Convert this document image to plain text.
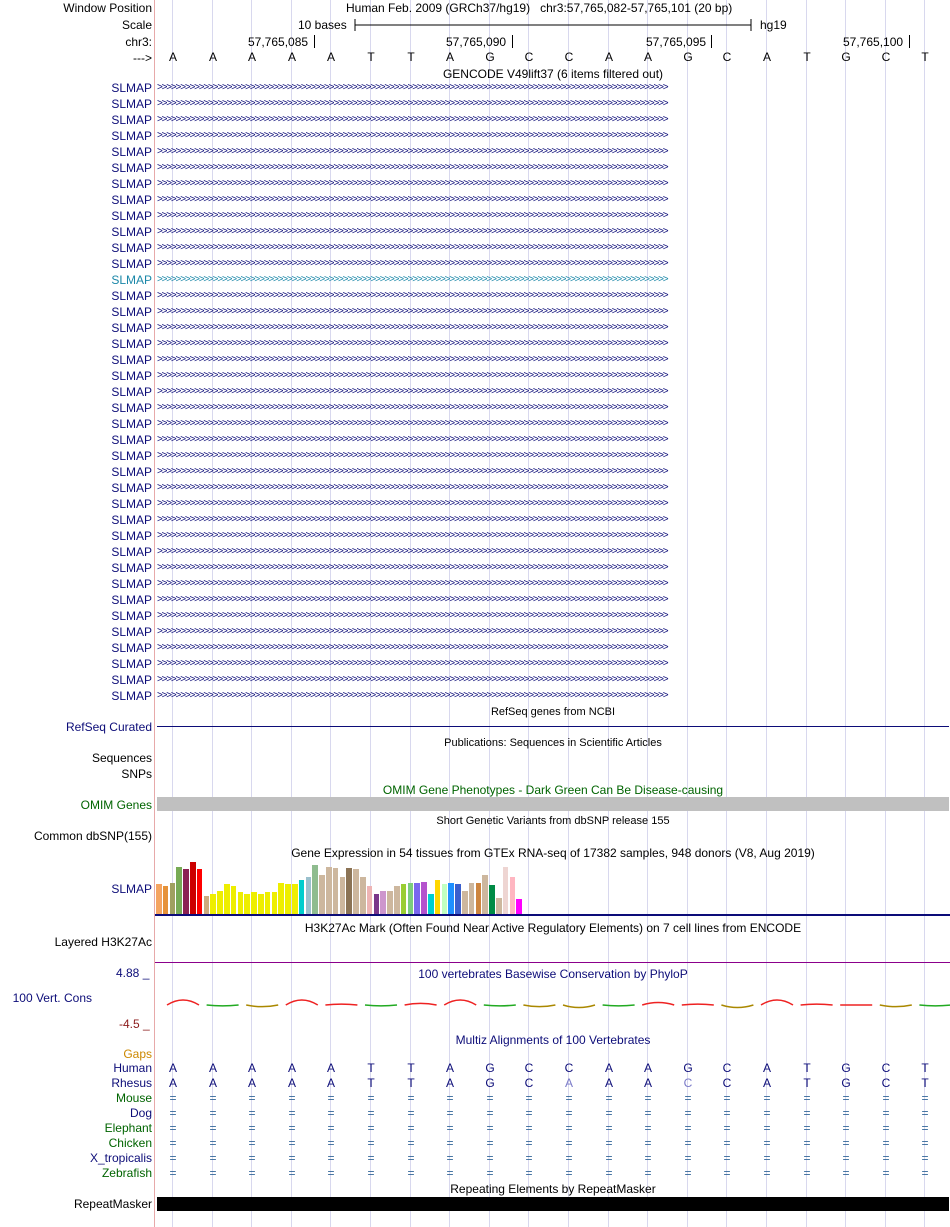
Window Position	Human Feb. 2009 (GRCh37/hg19) chr3:57,765,082-57,765,101 (20 bp)
Scale	10 bases	hg19
chr3:	57,765,085	57,765,090	57,765,095	57,765,100
--->	A	A	A	A	A	T	T	A	G	C	C	A	A	G	C	A	T	G	C	T
GENCODE V49lift37 (6 items filtered out)
SLMAP >>>>>>>>>>>>>>>>>>>>>>>>>>>>>>>>>>>>>>>>>>>>>>>>>>>>>>>>>>>>>>>>>>>>>>>>>>>>>>>>>>>>>>>>>>>>>>>>>>>>>>>>>>>>>>
SLMAP >>>>>>>>>>>>>>>>>>>>>>>>>>>>>>>>>>>>>>>>>>>>>>>>>>>>>>>>>>>>>>>>>>>>>>>>>>>>>>>>>>>>>>>>>>>>>>>>>>>>>>>>>>>>>>
SLMAP >>>>>>>>>>>>>>>>>>>>>>>>>>>>>>>>>>>>>>>>>>>>>>>>>>>>>>>>>>>>>>>>>>>>>>>>>>>>>>>>>>>>>>>>>>>>>>>>>>>>>>>>>>>>>>
SLMAP >>>>>>>>>>>>>>>>>>>>>>>>>>>>>>>>>>>>>>>>>>>>>>>>>>>>>>>>>>>>>>>>>>>>>>>>>>>>>>>>>>>>>>>>>>>>>>>>>>>>>>>>>>>>>>
SLMAP >>>>>>>>>>>>>>>>>>>>>>>>>>>>>>>>>>>>>>>>>>>>>>>>>>>>>>>>>>>>>>>>>>>>>>>>>>>>>>>>>>>>>>>>>>>>>>>>>>>>>>>>>>>>>>
SLMAP >>>>>>>>>>>>>>>>>>>>>>>>>>>>>>>>>>>>>>>>>>>>>>>>>>>>>>>>>>>>>>>>>>>>>>>>>>>>>>>>>>>>>>>>>>>>>>>>>>>>>>>>>>>>>>
SLMAP >>>>>>>>>>>>>>>>>>>>>>>>>>>>>>>>>>>>>>>>>>>>>>>>>>>>>>>>>>>>>>>>>>>>>>>>>>>>>>>>>>>>>>>>>>>>>>>>>>>>>>>>>>>>>>
SLMAP >>>>>>>>>>>>>>>>>>>>>>>>>>>>>>>>>>>>>>>>>>>>>>>>>>>>>>>>>>>>>>>>>>>>>>>>>>>>>>>>>>>>>>>>>>>>>>>>>>>>>>>>>>>>>>
SLMAP >>>>>>>>>>>>>>>>>>>>>>>>>>>>>>>>>>>>>>>>>>>>>>>>>>>>>>>>>>>>>>>>>>>>>>>>>>>>>>>>>>>>>>>>>>>>>>>>>>>>>>>>>>>>>>
SLMAP >>>>>>>>>>>>>>>>>>>>>>>>>>>>>>>>>>>>>>>>>>>>>>>>>>>>>>>>>>>>>>>>>>>>>>>>>>>>>>>>>>>>>>>>>>>>>>>>>>>>>>>>>>>>>>
SLMAP >>>>>>>>>>>>>>>>>>>>>>>>>>>>>>>>>>>>>>>>>>>>>>>>>>>>>>>>>>>>>>>>>>>>>>>>>>>>>>>>>>>>>>>>>>>>>>>>>>>>>>>>>>>>>>
SLMAP >>>>>>>>>>>>>>>>>>>>>>>>>>>>>>>>>>>>>>>>>>>>>>>>>>>>>>>>>>>>>>>>>>>>>>>>>>>>>>>>>>>>>>>>>>>>>>>>>>>>>>>>>>>>>>
SLMAP >>>>>>>>>>>>>>>>>>>>>>>>>>>>>>>>>>>>>>>>>>>>>>>>>>>>>>>>>>>>>>>>>>>>>>>>>>>>>>>>>>>>>>>>>>>>>>>>>>>>>>>>>>>>>>
SLMAP >>>>>>>>>>>>>>>>>>>>>>>>>>>>>>>>>>>>>>>>>>>>>>>>>>>>>>>>>>>>>>>>>>>>>>>>>>>>>>>>>>>>>>>>>>>>>>>>>>>>>>>>>>>>>>
SLMAP >>>>>>>>>>>>>>>>>>>>>>>>>>>>>>>>>>>>>>>>>>>>>>>>>>>>>>>>>>>>>>>>>>>>>>>>>>>>>>>>>>>>>>>>>>>>>>>>>>>>>>>>>>>>>>
SLMAP >>>>>>>>>>>>>>>>>>>>>>>>>>>>>>>>>>>>>>>>>>>>>>>>>>>>>>>>>>>>>>>>>>>>>>>>>>>>>>>>>>>>>>>>>>>>>>>>>>>>>>>>>>>>>>
SLMAP >>>>>>>>>>>>>>>>>>>>>>>>>>>>>>>>>>>>>>>>>>>>>>>>>>>>>>>>>>>>>>>>>>>>>>>>>>>>>>>>>>>>>>>>>>>>>>>>>>>>>>>>>>>>>>
SLMAP >>>>>>>>>>>>>>>>>>>>>>>>>>>>>>>>>>>>>>>>>>>>>>>>>>>>>>>>>>>>>>>>>>>>>>>>>>>>>>>>>>>>>>>>>>>>>>>>>>>>>>>>>>>>>>
SLMAP >>>>>>>>>>>>>>>>>>>>>>>>>>>>>>>>>>>>>>>>>>>>>>>>>>>>>>>>>>>>>>>>>>>>>>>>>>>>>>>>>>>>>>>>>>>>>>>>>>>>>>>>>>>>>>
SLMAP >>>>>>>>>>>>>>>>>>>>>>>>>>>>>>>>>>>>>>>>>>>>>>>>>>>>>>>>>>>>>>>>>>>>>>>>>>>>>>>>>>>>>>>>>>>>>>>>>>>>>>>>>>>>>>
SLMAP >>>>>>>>>>>>>>>>>>>>>>>>>>>>>>>>>>>>>>>>>>>>>>>>>>>>>>>>>>>>>>>>>>>>>>>>>>>>>>>>>>>>>>>>>>>>>>>>>>>>>>>>>>>>>>
SLMAP >>>>>>>>>>>>>>>>>>>>>>>>>>>>>>>>>>>>>>>>>>>>>>>>>>>>>>>>>>>>>>>>>>>>>>>>>>>>>>>>>>>>>>>>>>>>>>>>>>>>>>>>>>>>>>
SLMAP >>>>>>>>>>>>>>>>>>>>>>>>>>>>>>>>>>>>>>>>>>>>>>>>>>>>>>>>>>>>>>>>>>>>>>>>>>>>>>>>>>>>>>>>>>>>>>>>>>>>>>>>>>>>>>
SLMAP >>>>>>>>>>>>>>>>>>>>>>>>>>>>>>>>>>>>>>>>>>>>>>>>>>>>>>>>>>>>>>>>>>>>>>>>>>>>>>>>>>>>>>>>>>>>>>>>>>>>>>>>>>>>>>
SLMAP >>>>>>>>>>>>>>>>>>>>>>>>>>>>>>>>>>>>>>>>>>>>>>>>>>>>>>>>>>>>>>>>>>>>>>>>>>>>>>>>>>>>>>>>>>>>>>>>>>>>>>>>>>>>>>
SLMAP >>>>>>>>>>>>>>>>>>>>>>>>>>>>>>>>>>>>>>>>>>>>>>>>>>>>>>>>>>>>>>>>>>>>>>>>>>>>>>>>>>>>>>>>>>>>>>>>>>>>>>>>>>>>>>
SLMAP >>>>>>>>>>>>>>>>>>>>>>>>>>>>>>>>>>>>>>>>>>>>>>>>>>>>>>>>>>>>>>>>>>>>>>>>>>>>>>>>>>>>>>>>>>>>>>>>>>>>>>>>>>>>>>
SLMAP >>>>>>>>>>>>>>>>>>>>>>>>>>>>>>>>>>>>>>>>>>>>>>>>>>>>>>>>>>>>>>>>>>>>>>>>>>>>>>>>>>>>>>>>>>>>>>>>>>>>>>>>>>>>>>
SLMAP >>>>>>>>>>>>>>>>>>>>>>>>>>>>>>>>>>>>>>>>>>>>>>>>>>>>>>>>>>>>>>>>>>>>>>>>>>>>>>>>>>>>>>>>>>>>>>>>>>>>>>>>>>>>>>
SLMAP >>>>>>>>>>>>>>>>>>>>>>>>>>>>>>>>>>>>>>>>>>>>>>>>>>>>>>>>>>>>>>>>>>>>>>>>>>>>>>>>>>>>>>>>>>>>>>>>>>>>>>>>>>>>>>
SLMAP >>>>>>>>>>>>>>>>>>>>>>>>>>>>>>>>>>>>>>>>>>>>>>>>>>>>>>>>>>>>>>>>>>>>>>>>>>>>>>>>>>>>>>>>>>>>>>>>>>>>>>>>>>>>>>
SLMAP >>>>>>>>>>>>>>>>>>>>>>>>>>>>>>>>>>>>>>>>>>>>>>>>>>>>>>>>>>>>>>>>>>>>>>>>>>>>>>>>>>>>>>>>>>>>>>>>>>>>>>>>>>>>>>
SLMAP >>>>>>>>>>>>>>>>>>>>>>>>>>>>>>>>>>>>>>>>>>>>>>>>>>>>>>>>>>>>>>>>>>>>>>>>>>>>>>>>>>>>>>>>>>>>>>>>>>>>>>>>>>>>>>
SLMAP >>>>>>>>>>>>>>>>>>>>>>>>>>>>>>>>>>>>>>>>>>>>>>>>>>>>>>>>>>>>>>>>>>>>>>>>>>>>>>>>>>>>>>>>>>>>>>>>>>>>>>>>>>>>>>
SLMAP >>>>>>>>>>>>>>>>>>>>>>>>>>>>>>>>>>>>>>>>>>>>>>>>>>>>>>>>>>>>>>>>>>>>>>>>>>>>>>>>>>>>>>>>>>>>>>>>>>>>>>>>>>>>>>
SLMAP >>>>>>>>>>>>>>>>>>>>>>>>>>>>>>>>>>>>>>>>>>>>>>>>>>>>>>>>>>>>>>>>>>>>>>>>>>>>>>>>>>>>>>>>>>>>>>>>>>>>>>>>>>>>>>
SLMAP >>>>>>>>>>>>>>>>>>>>>>>>>>>>>>>>>>>>>>>>>>>>>>>>>>>>>>>>>>>>>>>>>>>>>>>>>>>>>>>>>>>>>>>>>>>>>>>>>>>>>>>>>>>>>>
SLMAP >>>>>>>>>>>>>>>>>>>>>>>>>>>>>>>>>>>>>>>>>>>>>>>>>>>>>>>>>>>>>>>>>>>>>>>>>>>>>>>>>>>>>>>>>>>>>>>>>>>>>>>>>>>>>>
SLMAP >>>>>>>>>>>>>>>>>>>>>>>>>>>>>>>>>>>>>>>>>>>>>>>>>>>>>>>>>>>>>>>>>>>>>>>>>>>>>>>>>>>>>>>>>>>>>>>>>>>>>>>>>>>>>>
RefSeq genes from NCBI
RefSeq Curated
Publications: Sequences in Scientific Articles
Sequences
SNPs
OMIM Gene Phenotypes - Dark Green Can Be Disease-causing
OMIM Genes
Short Genetic Variants from dbSNP release 155
Common dbSNP(155)
Gene Expression in 54 tissues from GTEx RNA-seq of 17382 samples, 948 donors (V8, Aug 2019)
SLMAP
H3K27Ac Mark (Often Found Near Active Regulatory Elements) on 7 cell lines from ENCODE
Layered H3K27Ac
100 vertebrates Basewise Conservation by PhyloP
4.88 _
100 Vert. Cons
-4.5 _
Multiz Alignments of 100 Vertebrates
Gaps
Human	A	A	A	A	A	T	T	A	G	C	C	A	A	G	C	A	T	G	C	T
Rhesus	A	A	A	A	A	T	T	A	G	C	A	A	A	C	C	A	T	G	C	T
Mouse	=	=	=	=	=	=	=	=	=	=	=	=	=	=	=	=	=	=	=	=
Dog	=	=	=	=	=	=	=	=	=	=	=	=	=	=	=	=	=	=	=	=
Elephant	=	=	=	=	=	=	=	=	=	=	=	=	=	=	=	=	=	=	=	=
Chicken	=	=	=	=	=	=	=	=	=	=	=	=	=	=	=	=	=	=	=	=
X_tropicalis	=	=	=	=	=	=	=	=	=	=	=	=	=	=	=	=	=	=	=	=
Zebrafish	=	=	=	=	=	=	=	=	=	=	=	=	=	=	=	=	=	=	=	=
Repeating Elements by RepeatMasker
RepeatMasker
